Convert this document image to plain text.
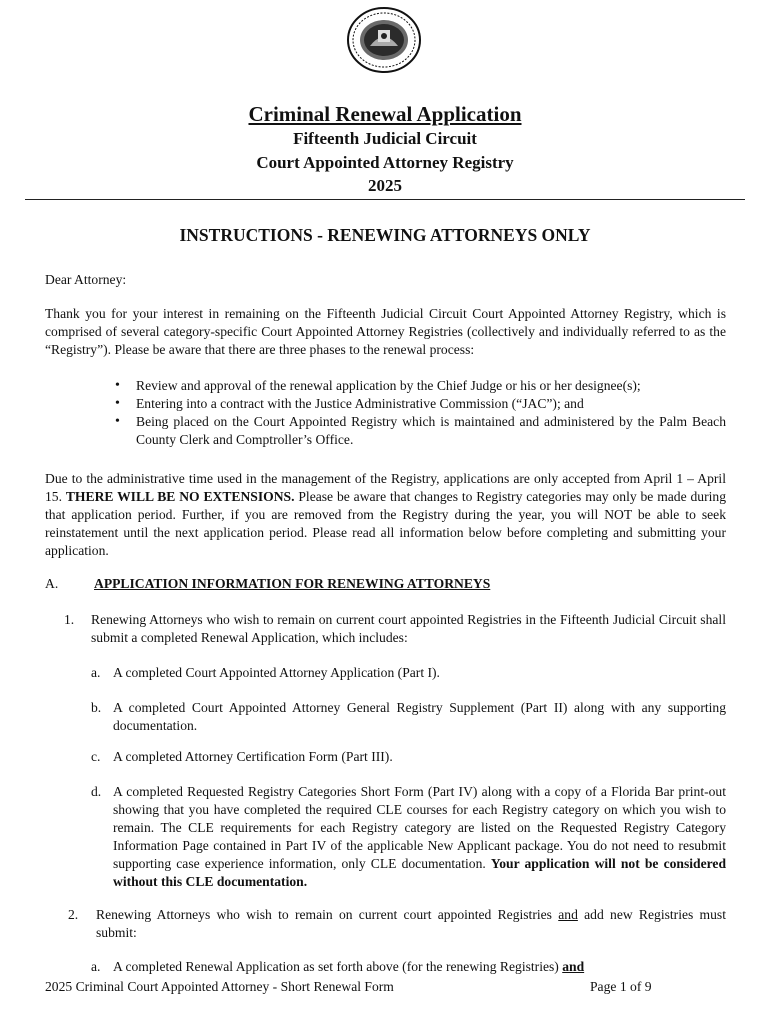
Criminal Renewal Application
Fifteenth Judicial Circuit
Court Appointed Attorney Registry
2025
INSTRUCTIONS - RENEWING ATTORNEYS ONLY
Dear Attorney:
Thank you for your interest in remaining on the Fifteenth Judicial Circuit Court Appointed Attorney Registry, which is comprised of several category-specific Court Appointed Attorney Registries (collectively and individually referred to as the “Registry”). Please be aware that there are three phases to the renewal process:
• Review and approval of the renewal application by the Chief Judge or his or her designee(s);
• Entering into a contract with the Justice Administrative Commission (“JAC”); and
• Being placed on the Court Appointed Registry which is maintained and administered by the Palm Beach County Clerk and Comptroller’s Office.
Due to the administrative time used in the management of the Registry, applications are only accepted from April 1 – April 15. THERE WILL BE NO EXTENSIONS. Please be aware that changes to Registry categories may only be made during that application period. Further, if you are removed from the Registry during the year, you will NOT be able to seek reinstatement until the next application period. Please read all information below before completing and submitting your application.
A.	APPLICATION INFORMATION FOR RENEWING ATTORNEYS
1. Renewing Attorneys who wish to remain on current court appointed Registries in the Fifteenth Judicial Circuit shall submit a completed Renewal Application, which includes:
a. A completed Court Appointed Attorney Application (Part I).
b. A completed Court Appointed Attorney General Registry Supplement (Part II) along with any supporting documentation.
c. A completed Attorney Certification Form (Part III).
d. A completed Requested Registry Categories Short Form (Part IV) along with a copy of a Florida Bar print-out showing that you have completed the required CLE courses for each Registry category on which you wish to remain. The CLE requirements for each Registry category are listed on the Requested Registry Category Information Page contained in Part IV of the applicable New Applicant package. You do not need to resubmit supporting case experience information, only CLE documentation. Your application will not be considered without this CLE documentation.
2. Renewing Attorneys who wish to remain on current court appointed Registries and add new Registries must submit:
a. A completed Renewal Application as set forth above (for the renewing Registries) and
2025 Criminal Court Appointed Attorney - Short Renewal Form	Page 1 of 9
